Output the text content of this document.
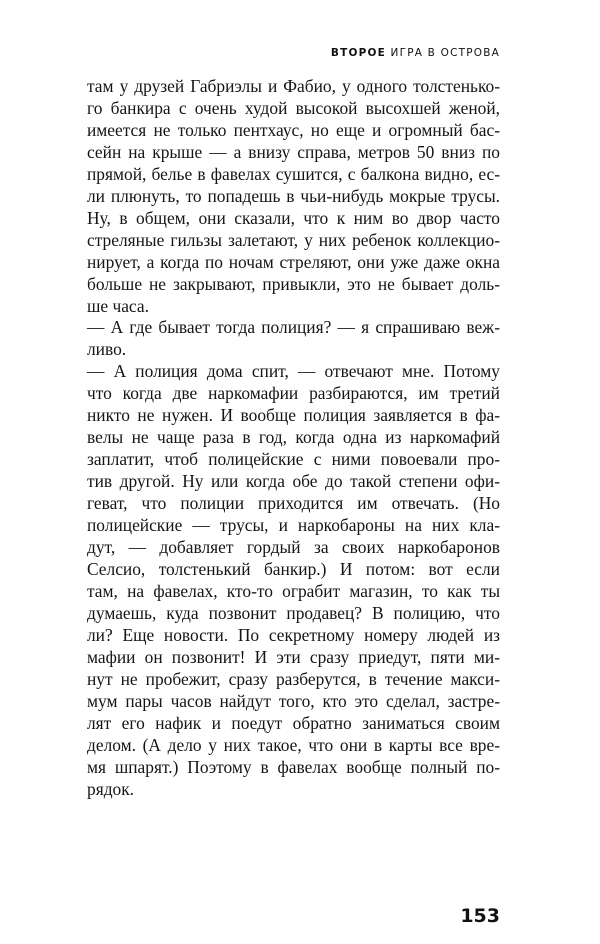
ВТОРОЕ ИГРА В ОСТРОВА
там у друзей Габриэлы и Фабио, у одного толстенько-
го банкира с очень худой высокой высохшей женой,
имеется не только пентхаус, но еще и огромный бас-
сейн на крыше — а внизу справа, метров 50 вниз по
прямой, белье в фавелах сушится, с балкона видно, ес-
ли плюнуть, то попадешь в чьи-нибудь мокрые трусы.
Ну, в общем, они сказали, что к ним во двор часто
стреляные гильзы залетают, у них ребенок коллекцио-
нирует, а когда по ночам стреляют, они уже даже окна
больше не закрывают, привыкли, это не бывает доль-
ше часа.
— А где бывает тогда полиция? — я спрашиваю веж-
ливо.
— А полиция дома спит, — отвечают мне. Потому
что когда две наркомафии разбираются, им третий
никто не нужен. И вообще полиция заявляется в фа-
велы не чаще раза в год, когда одна из наркомафий
заплатит, чтоб полицейские с ними повоевали про-
тив другой. Ну или когда обе до такой степени офи-
геват, что полиции приходится им отвечать. (Но
полицейские — трусы, и наркобароны на них кла-
дут, — добавляет гордый за своих наркобаронов
Селсио, толстенький банкир.) И потом: вот если
там, на фавелах, кто-то ограбит магазин, то как ты
думаешь, куда позвонит продавец? В полицию, что
ли? Еще новости. По секретному номеру людей из
мафии он позвонит! И эти сразу приедут, пяти ми-
нут не пробежит, сразу разберутся, в течение макси-
мум пары часов найдут того, кто это сделал, застре-
лят его нафик и поедут обратно заниматься своим
делом. (А дело у них такое, что они в карты все вре-
мя шпарят.) Поэтому в фавелах вообще полный по-
рядок.
153
